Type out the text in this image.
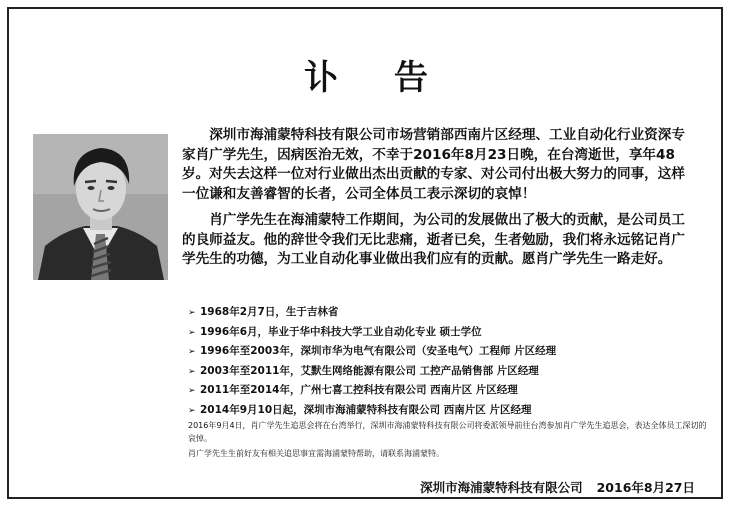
讣 告

深圳市海浦蒙特科技有限公司市场营销部西南片区经理、工业自动化行业资深专家肖广学先生，因病医治无效，不幸于2016年8月23日晚，在台湾逝世，享年48岁。对失去这样一位对行业做出杰出贡献的专家、对公司付出极大努力的同事，这样一位谦和友善睿智的长者，公司全体员工表示深切的哀悼！

肖广学先生在海浦蒙特工作期间，为公司的发展做出了极大的贡献，是公司员工的良师益友。他的辞世令我们无比悲痛，逝者已矣，生者勉励，我们将永远铭记肖广学先生的功德，为工业自动化事业做出我们应有的贡献。愿肖广学先生一路走好。

➢ 1968年2月7日，生于吉林省
➢ 1996年6月，毕业于华中科技大学工业自动化专业 硕士学位
➢ 1996年至2003年，深圳市华为电气有限公司（安圣电气）工程师 片区经理
➢ 2003年至2011年，艾默生网络能源有限公司 工控产品销售部 片区经理
➢ 2011年至2014年，广州七喜工控科技有限公司 西南片区 片区经理
➢ 2014年9月10日起，深圳市海浦蒙特科技有限公司 西南片区 片区经理

2016年9月4日，肖广学先生追思会将在台湾举行，深圳市海浦蒙特科技有限公司将委派领导前往台湾参加肖广学先生追思会，表达全体员工深切的哀悼。

肖广学先生生前好友有相关追思事宜需海浦蒙特帮助，请联系海浦蒙特。

深圳市海浦蒙特科技有限公司 2016年8月27日
